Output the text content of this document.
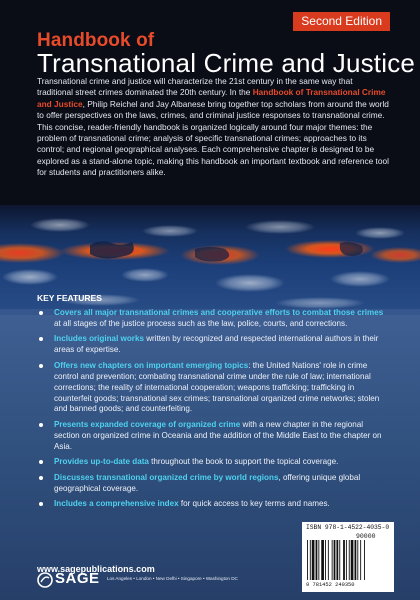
Second Edition
Handbook of
Transnational Crime and Justice

Transnational crime and justice will characterize the 21st century in the same way that traditional street crimes dominated the 20th century. In the Handbook of Transnational Crime and Justice, Philip Reichel and Jay Albanese bring together top scholars from around the world to offer perspectives on the laws, crimes, and criminal justice responses to transnational crime. This concise, reader-friendly handbook is organized logically around four major themes: the problem of transnational crime; analysis of specific transnational crimes; approaches to its control; and regional geographical analyses. Each comprehensive chapter is designed to be explored as a stand-alone topic, making this handbook an important textbook and reference tool for students and practitioners alike.

KEY FEATURES
Covers all major transnational crimes and cooperative efforts to combat those crimes at all stages of the justice process such as the law, police, courts, and corrections.
Includes original works written by recognized and respected international authors in their areas of expertise.
Offers new chapters on important emerging topics: the United Nations' role in crime control and prevention; combating transnational crime under the rule of law; international corrections; the reality of international cooperation; weapons trafficking; trafficking in counterfeit goods; transnational sex crimes; transnational organized crime networks; stolen and banned goods; and counterfeiting.
Presents expanded coverage of organized crime with a new chapter in the regional section on organized crime in Oceania and the addition of the Middle East to the chapter on Asia.
Provides up-to-date data throughout the book to support the topical coverage.
Discusses transnational organized crime by world regions, offering unique global geographical coverage.
Includes a comprehensive index for quick access to key terms and names.
www.sagepublications.com
SAGE Los Angeles • London • New Delhi • Singapore • Washington DC
ISBN 978-1-4522-4035-0
90000
9 781452 240350
